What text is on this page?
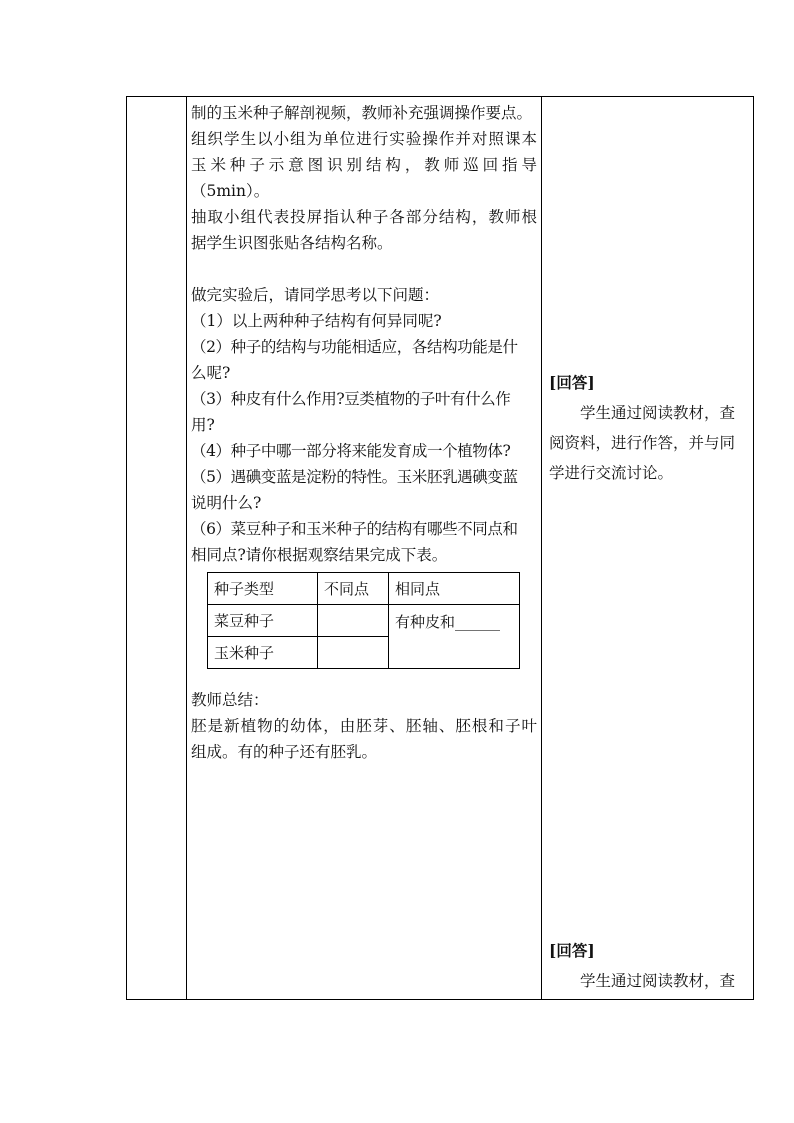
制的玉米种子解剖视频，教师补充强调操作要点。

组织学生以小组为单位进行实验操作并对照课本

玉米种子示意图识别结构，教师巡回指导

（5min）。

抽取小组代表投屏指认种子各部分结构，教师根

据学生识图张贴各结构名称。

做完实验后，请同学思考以下问题：

（1）以上两种种子结构有何异同呢?

（2）种子的结构与功能相适应，各结构功能是什

么呢?

（3）种皮有什么作用?豆类植物的子叶有什么作

用?

（4）种子中哪一部分将来能发育成一个植物体?

（5）遇碘变蓝是淀粉的特性。玉米胚乳遇碘变蓝

说明什么?

（6）菜豆种子和玉米种子的结构有哪些不同点和

相同点?请你根据观察结果完成下表。

种子类型	不同点	相同点
菜豆种子		有种皮和______
玉米种子		

教师总结：

胚是新植物的幼体，由胚芽、胚轴、胚根和子叶

组成。有的种子还有胚乳。

[回答]

学生通过阅读教材，查

阅资料，进行作答，并与同

学进行交流讨论。

[回答]

学生通过阅读教材，查
